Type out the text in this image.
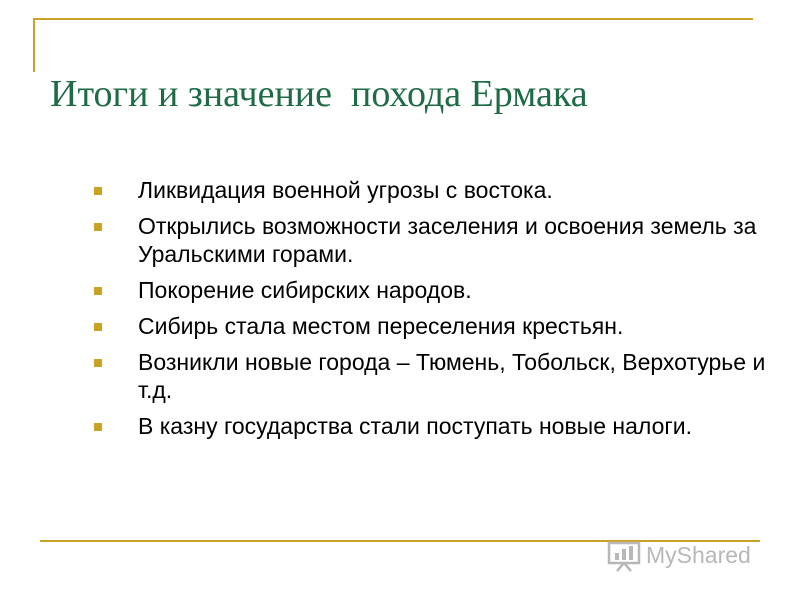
Итоги и значение  похода Ермака
Ликвидация военной угрозы с востока.
Открылись возможности заселения и освоения земель за Уральскими горами.
Покорение сибирских народов.
Сибирь стала местом переселения крестьян.
Возникли новые города – Тюмень, Тобольск, Верхотурье и т.д.
В казну государства стали поступать новые налоги.
MyShared
